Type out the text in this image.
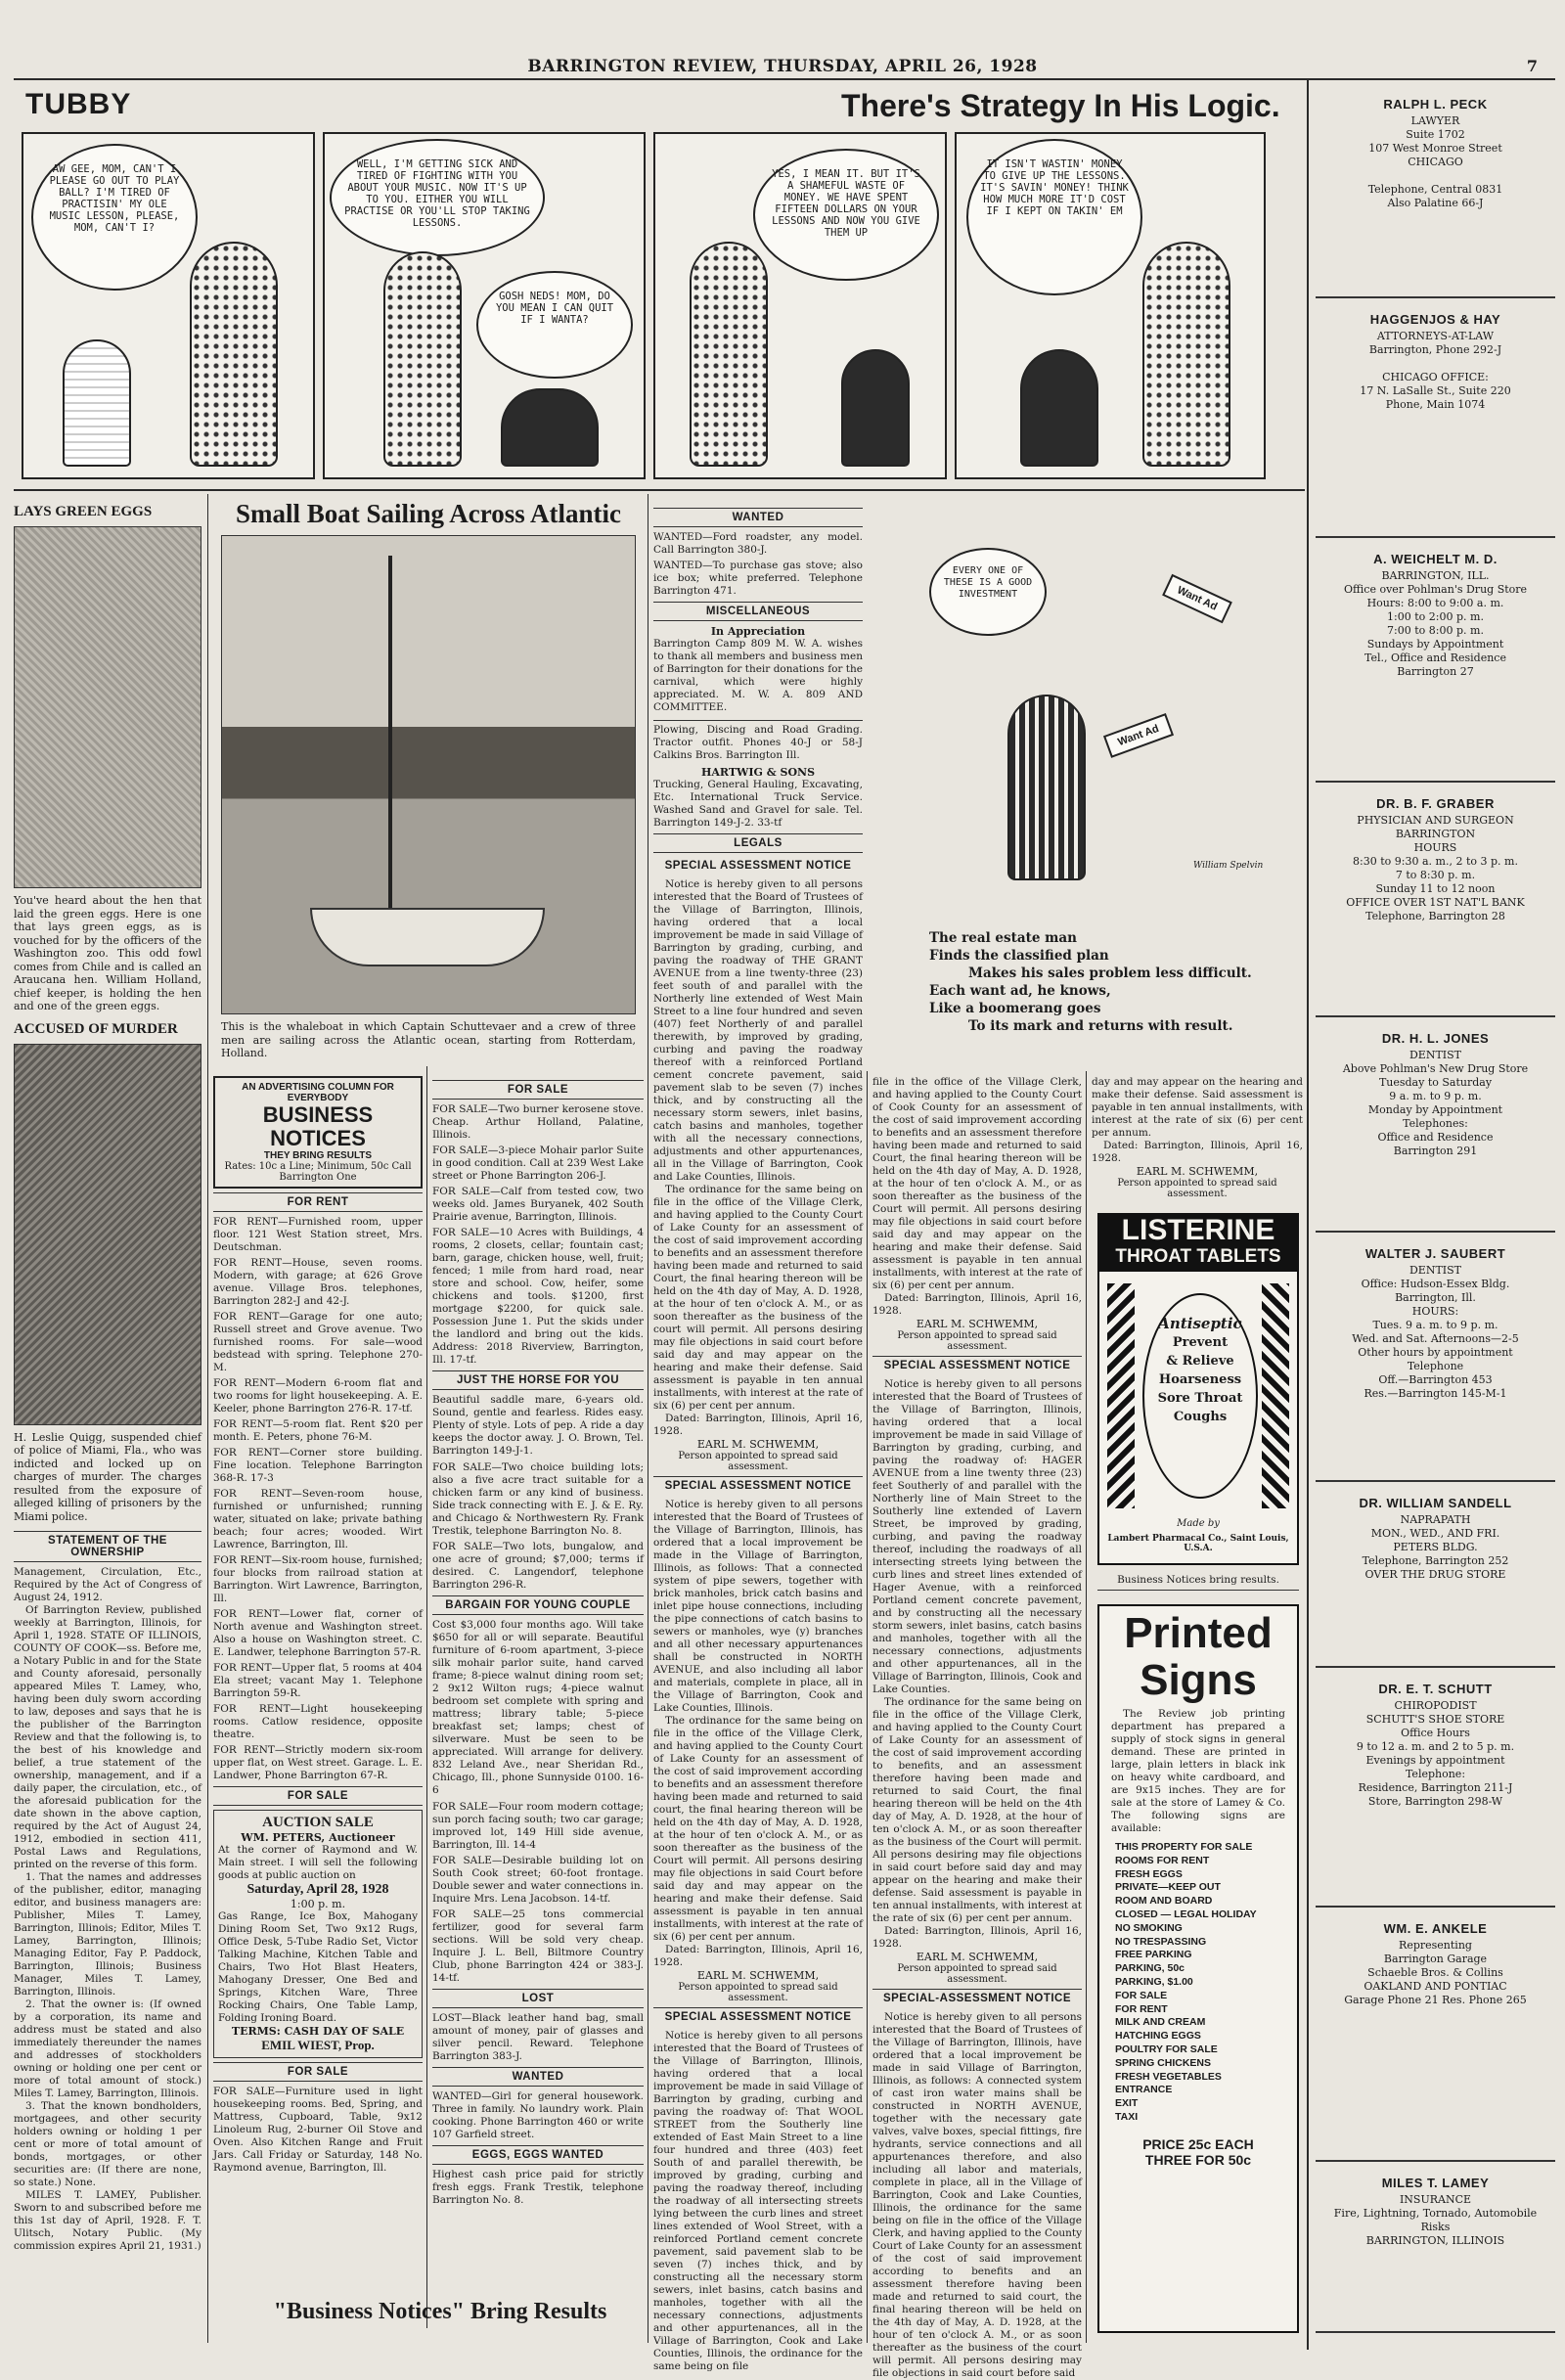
BARRINGTON REVIEW, THURSDAY, APRIL 26, 1928	7
TUBBY	There's Strategy In His Logic.
AW GEE, MOM, CAN'T I PLEASE GO OUT TO PLAY BALL? I'M TIRED OF PRACTISIN' MY OLE MUSIC LESSON, PLEASE, MOM, CAN'T I?
WELL, I'M GETTING SICK AND TIRED OF FIGHTING WITH YOU ABOUT YOUR MUSIC. NOW IT'S UP TO YOU. EITHER YOU WILL PRACTISE OR YOU'LL STOP TAKING LESSONS.
GOSH NEDS! MOM, DO YOU MEAN I CAN QUIT IF I WANTA?
YES, I MEAN IT. BUT IT'S A SHAMEFUL WASTE OF MONEY. WE HAVE SPENT FIFTEEN DOLLARS ON YOUR LESSONS AND NOW YOU GIVE THEM UP
IT ISN'T WASTIN' MONEY TO GIVE UP THE LESSONS. IT'S SAVIN' MONEY! THINK HOW MUCH MORE IT'D COST IF I KEPT ON TAKIN' EM
LAYS GREEN EGGS
You've heard about the hen that laid the green eggs. Here is one that lays green eggs, as is vouched for by the officers of the Washington zoo. This odd fowl comes from Chile and is called an Araucana hen. William Holland, chief keeper, is holding the hen and one of the green eggs.
ACCUSED OF MURDER
H. Leslie Quigg, suspended chief of police of Miami, Fla., who was indicted and locked up on charges of murder. The charges resulted from the exposure of alleged killing of prisoners by the Miami police.
STATEMENT OF THE OWNERSHIP
Management, Circulation, Etc., Required by the Act of Congress of August 24, 1912.
Of Barrington Review, published weekly at Barrington, Illinois, for April 1, 1928. STATE OF ILLINOIS, COUNTY OF COOK—ss. Before me, a Notary Public in and for the State and County aforesaid, personally appeared Miles T. Lamey, who, having been duly sworn according to law, deposes and says that he is the publisher of the Barrington Review and that the following is, to the best of his knowledge and belief, a true statement of the ownership, management, and if a daily paper, the circulation, etc., of the aforesaid publication for the date shown in the above caption, required by the Act of August 24, 1912, embodied in section 411, Postal Laws and Regulations, printed on the reverse of this form.
1. That the names and addresses of the publisher, editor, managing editor, and business managers are: Publisher, Miles T. Lamey, Barrington, Illinois; Editor, Miles T. Lamey, Barrington, Illinois; Managing Editor, Fay P. Paddock, Barrington, Illinois; Business Manager, Miles T. Lamey, Barrington, Illinois.
2. That the owner is: (If owned by a corporation, its name and address must be stated and also immediately thereunder the names and addresses of stockholders owning or holding one per cent or more of total amount of stock.) Miles T. Lamey, Barrington, Illinois.
3. That the known bondholders, mortgagees, and other security holders owning or holding 1 per cent or more of total amount of bonds, mortgages, or other securities are: (If there are none, so state.) None.
MILES T. LAMEY, Publisher. Sworn to and subscribed before me this 1st day of April, 1928. F. T. Ulitsch, Notary Public. (My commission expires April 21, 1931.)
Small Boat Sailing Across Atlantic
This is the whaleboat in which Captain Schuttevaer and a crew of three men are sailing across the Atlantic ocean, starting from Rotterdam, Holland.
AN ADVERTISING COLUMN FOR EVERYBODY
BUSINESS NOTICES
THEY BRING RESULTS
Rates: 10c a Line; Minimum, 50c Call Barrington One
FOR RENT

FOR RENT—Furnished room, upper floor. 121 West Station street, Mrs. Deutschman.

FOR RENT—House, seven rooms. Modern, with garage; at 626 Grove avenue. Village Bros. telephones, Barrington 282-J and 42-J.

FOR RENT—Garage for one auto; Russell street and Grove avenue. Two furnished rooms. For sale—wood bedstead with spring. Telephone 270-M.

FOR RENT—Modern 6-room flat and two rooms for light housekeeping. A. E. Keeler, phone Barrington 276-R. 17-tf.

FOR RENT—5-room flat. Rent $20 per month. E. Peters, phone 76-M.

FOR RENT—Corner store building. Fine location. Telephone Barrington 368-R. 17-3

FOR RENT—Seven-room house, furnished or unfurnished; running water, situated on lake; private bathing beach; four acres; wooded. Wirt Lawrence, Barrington, Ill.

FOR RENT—Six-room house, furnished; four blocks from railroad station at Barrington. Wirt Lawrence, Barrington, Ill.

FOR RENT—Lower flat, corner of North avenue and Washington street. Also a house on Washington street. C. E. Landwer, telephone Barrington 57-R.

FOR RENT—Upper flat, 5 rooms at 404 Ela street; vacant May 1. Telephone Barrington 59-R.

FOR RENT—Light housekeeping rooms. Catlow residence, opposite theatre.

FOR RENT—Strictly modern six-room upper flat, on West street. Garage. L. E. Landwer, Phone Barrington 67-R.

FOR SALE
AUCTION SALE
WM. PETERS, Auctioneer
At the corner of Raymond and W. Main street. I will sell the following goods at public auction on
Saturday, April 28, 1928
1:00 p. m.
Gas Range, Ice Box, Mahogany Dining Room Set, Two 9x12 Rugs, Office Desk, 5-Tube Radio Set, Victor Talking Machine, Kitchen Table and Chairs, Two Hot Blast Heaters, Mahogany Dresser, One Bed and Springs, Kitchen Ware, Three Rocking Chairs, One Table Lamp, Folding Ironing Board.
TERMS: CASH DAY OF SALE
EMIL WIEST, Prop.
FOR SALE
FOR SALE—Furniture used in light housekeeping rooms. Bed, Spring, and Mattress, Cupboard, Table, 9x12 Linoleum Rug, 2-burner Oil Stove and Oven. Also Kitchen Range and Fruit Jars. Call Friday or Saturday, 148 No. Raymond avenue, Barrington, Ill.
FOR SALE

FOR SALE—Two burner kerosene stove. Cheap. Arthur Holland, Palatine, Illinois.

FOR SALE—3-piece Mohair parlor Suite in good condition. Call at 239 West Lake street or Phone Barrington 206-J.

FOR SALE—Calf from tested cow, two weeks old. James Buryanek, 402 South Prairie avenue, Barrington, Illinois.

FOR SALE—10 Acres with Buildings, 4 rooms, 2 closets, cellar; fountain cast; barn, garage, chicken house, well, fruit; fenced; 1 mile from hard road, near store and school. Cow, heifer, some chickens and tools. $1200, first mortgage $2200, for quick sale. Possession June 1. Put the skids under the landlord and bring out the kids. Address: 2018 Riverview, Barrington, Ill. 17-tf.

JUST THE HORSE FOR YOU
Beautiful saddle mare, 6-years old. Sound, gentle and fearless. Rides easy. Plenty of style. Lots of pep. A ride a day keeps the doctor away. J. O. Brown, Tel. Barrington 149-J-1.

FOR SALE—Two choice building lots; also a five acre tract suitable for a chicken farm or any kind of business. Side track connecting with E. J. & E. Ry. and Chicago & Northwestern Ry. Frank Trestik, telephone Barrington No. 8.

FOR SALE—Two lots, bungalow, and one acre of ground; $7,000; terms if desired. C. Langendorf, telephone Barrington 296-R.

BARGAIN FOR YOUNG COUPLE
Cost $3,000 four months ago. Will take $650 for all or will separate. Beautiful furniture of 6-room apartment, 3-piece silk mohair parlor suite, hand carved frame; 8-piece walnut dining room set; 2 9x12 Wilton rugs; 4-piece walnut bedroom set complete with spring and mattress; library table; 5-piece breakfast set; lamps; chest of silverware. Must be seen to be appreciated. Will arrange for delivery. 832 Leland Ave., near Sheridan Rd., Chicago, Ill., phone Sunnyside 0100. 16-6

FOR SALE—Four room modern cottage; sun porch facing south; two car garage; improved lot, 149 Hill side avenue, Barrington, Ill. 14-4

FOR SALE—Desirable building lot on South Cook street; 60-foot frontage. Double sewer and water connections in. Inquire Mrs. Lena Jacobson. 14-tf.

FOR SALE—25 tons commercial fertilizer, good for several farm sections. Will be sold very cheap. Inquire J. L. Bell, Biltmore Country Club, phone Barrington 424 or 383-J. 14-tf.

LOST
LOST—Black leather hand bag, small amount of money, pair of glasses and silver pencil. Reward. Telephone Barrington 383-J.
WANTED
WANTED—Girl for general housework. Three in family. No laundry work. Plain cooking. Phone Barrington 460 or write 107 Garfield street.
EGGS, EGGS WANTED
Highest cash price paid for strictly fresh eggs. Frank Trestik, telephone Barrington No. 8.
"Business Notices" Bring Results
WANTED

WANTED—Ford roadster, any model. Call Barrington 380-J.

WANTED—To purchase gas stove; also ice box; white preferred. Telephone Barrington 471.

MISCELLANEOUS
In Appreciation
Barrington Camp 809 M. W. A. wishes to thank all members and business men of Barrington for their donations for the carnival, which were highly appreciated. M. W. A. 809 AND COMMITTEE.
Plowing, Discing and Road Grading. Tractor outfit. Phones 40-J or 58-J Calkins Bros. Barrington Ill.
HARTWIG & SONS
Trucking, General Hauling, Excavating, Etc. International Truck Service. Washed Sand and Gravel for sale. Tel. Barrington 149-J-2. 33-tf
LEGALS
SPECIAL ASSESSMENT NOTICE
Notice is hereby given to all persons interested that the Board of Trustees of the Village of Barrington, Illinois, having ordered that a local improvement be made in said Village of Barrington by grading, curbing, and paving the roadway of THE GRANT AVENUE from a line twenty-three (23) feet south of and parallel with the Northerly line extended of West Main Street to a line four hundred and seven (407) feet Northerly of and parallel therewith, by improved by grading, curbing and paving the roadway thereof with a reinforced Portland cement concrete pavement, said pavement slab to be seven (7) inches thick, and by constructing all the necessary storm sewers, inlet basins, catch basins and manholes, together with all the necessary connections, adjustments and other appurtenances, all in the Village of Barrington, Cook and Lake Counties, Illinois.
The ordinance for the same being on file in the office of the Village Clerk, and having applied to the County Court of Lake County for an assessment of the cost of said improvement according to benefits and an assessment therefore having been made and returned to said Court, the final hearing thereon will be held on the 4th day of May, A. D. 1928, at the hour of ten o'clock A. M., or as soon thereafter as the business of the court will permit. All persons desiring may file objections in said court before said day and may appear on the hearing and make their defense. Said assessment is payable in ten annual installments, with interest at the rate of six (6) per cent per annum.
Dated: Barrington, Illinois, April 16, 1928.
EARL M. SCHWEMM,
Person appointed to spread said assessment.
SPECIAL ASSESSMENT NOTICE
Notice is hereby given to all persons interested that the Board of Trustees of the Village of Barrington, Illinois, has ordered that a local improvement be made in the Village of Barrington, Illinois, as follows: That a connected system of pipe sewers, together with brick manholes, brick catch basins and inlet pipe house connections, including the pipe connections of catch basins to sewers or manholes, wye (y) branches and all other necessary appurtenances shall be constructed in NORTH AVENUE, and also including all labor and materials, complete in place, all in the Village of Barrington, Cook and Lake Counties, Illinois.
The ordinance for the same being on file in the office of the Village Clerk, and having applied to the County Court of Lake County for an assessment of the cost of said improvement according to benefits and an assessment therefore having been made and returned to said court, the final hearing thereon will be held on the 4th day of May, A. D. 1928, at the hour of ten o'clock A. M., or as soon thereafter as the business of the Court will permit. All persons desiring may file objections in said Court before said day and may appear on the hearing and make their defense. Said assessment is payable in ten annual installments, with interest at the rate of six (6) per cent per annum.
Dated: Barrington, Illinois, April 16, 1928.
EARL M. SCHWEMM,
Person appointed to spread said assessment.
SPECIAL ASSESSMENT NOTICE
Notice is hereby given to all persons interested that the Board of Trustees of the Village of Barrington, Illinois, having ordered that a local improvement be made in said Village of Barrington by grading, curbing and paving the roadway of: That WOOL STREET from the Southerly line extended of East Main Street to a line four hundred and three (403) feet South of and parallel therewith, be improved by grading, curbing and paving the roadway thereof, including the roadway of all intersecting streets lying between the curb lines and street lines extended of Wool Street, with a reinforced Portland cement concrete pavement, said pavement slab to be seven (7) inches thick, and by constructing all the necessary storm sewers, inlet basins, catch basins and manholes, together with all the necessary connections, adjustments and other appurtenances, all in the Village of Barrington, Cook and Lake Counties, Illinois, the ordinance for the same being on file
EVERY ONE OF THESE IS A GOOD INVESTMENT
Want Ad
Want Ad
William Spelvin
The real estate man
Finds the classified plan
Makes his sales problem less difficult.
Each want ad, he knows,
Like a boomerang goes
To its mark and returns with result.
file in the office of the Village Clerk, and having applied to the County Court of Cook County for an assessment of the cost of said improvement according to benefits and an assessment therefore having been made and returned to said Court, the final hearing thereon will be held on the 4th day of May, A. D. 1928, at the hour of ten o'clock A. M., or as soon thereafter as the business of the Court will permit. All persons desiring may file objections in said court before said day and may appear on the hearing and make their defense. Said assessment is payable in ten annual installments, with interest at the rate of six (6) per cent per annum.
Dated: Barrington, Illinois, April 16, 1928.
EARL M. SCHWEMM,
Person appointed to spread said assessment.
SPECIAL ASSESSMENT NOTICE
Notice is hereby given to all persons interested that the Board of Trustees of the Village of Barrington, Illinois, having ordered that a local improvement be made in said Village of Barrington by grading, curbing, and paving the roadway of: HAGER AVENUE from a line twenty three (23) feet Southerly of and parallel with the Northerly line of Main Street to the Southerly line extended of Lavern Street, be improved by grading, curbing, and paving the roadway thereof, including the roadways of all intersecting streets lying between the curb lines and street lines extended of Hager Avenue, with a reinforced Portland cement concrete pavement, and by constructing all the necessary storm sewers, inlet basins, catch basins and manholes, together with all the necessary connections, adjustments and other appurtenances, all in the Village of Barrington, Illinois, Cook and Lake Counties.
The ordinance for the same being on file in the office of the Village Clerk, and having applied to the County Court of Lake County for an assessment of the cost of said improvement according to benefits, and an assessment therefore having been made and returned to said Court, the final hearing thereon will be held on the 4th day of May, A. D. 1928, at the hour of ten o'clock A. M., or as soon thereafter as the business of the Court will permit. All persons desiring may file objections in said court before said day and may appear on the hearing and make their defense. Said assessment is payable in ten annual installments, with interest at the rate of six (6) per cent per annum.
Dated: Barrington, Illinois, April 16, 1928.
EARL M. SCHWEMM,
Person appointed to spread said assessment.
SPECIAL-ASSESSMENT NOTICE
Notice is hereby given to all persons interested that the Board of Trustees of the Village of Barrington, Illinois, have ordered that a local improvement be made in said Village of Barrington, Illinois, as follows: A connected system of cast iron water mains shall be constructed in NORTH AVENUE, together with the necessary gate valves, valve boxes, special fittings, fire hydrants, service connections and all appurtenances therefore, and also including all labor and materials, complete in place, all in the Village of Barrington, Cook and Lake Counties, Illinois, the ordinance for the same being on file in the office of the Village Clerk, and having applied to the County Court of Lake County for an assessment of the cost of said improvement according to benefits and an assessment therefore having been made and returned to said court, the final hearing thereon will be held on the 4th day of May, A. D. 1928, at the hour of ten o'clock A. M., or as soon thereafter as the business of the court will permit. All persons desiring may file objections in said court before said
day and may appear on the hearing and make their defense. Said assessment is payable in ten annual installments, with interest at the rate of six (6) per cent per annum.
Dated: Barrington, Illinois, April 16, 1928.
EARL M. SCHWEMM,
Person appointed to spread said assessment.
LISTERINE
THROAT TABLETS
Antiseptic
Prevent
& Relieve
Hoarseness
Sore Throat
Coughs
Made by
Lambert Pharmacal Co., Saint Louis, U.S.A.
Business Notices bring results.
Printed
Signs
The Review job printing department has prepared a supply of stock signs in general demand. These are printed in large, plain letters in black ink on heavy white cardboard, and are 9x15 inches. They are for sale at the store of Lamey & Co. The following signs are available:
THIS PROPERTY FOR SALE
ROOMS FOR RENT
FRESH EGGS
PRIVATE—KEEP OUT
ROOM AND BOARD
CLOSED — LEGAL HOLIDAY
NO SMOKING
NO TRESPASSING
FREE PARKING
PARKING, 50c
PARKING, $1.00
FOR SALE
FOR RENT
MILK AND CREAM
HATCHING EGGS
POULTRY FOR SALE
SPRING CHICKENS
FRESH VEGETABLES
ENTRANCE
EXIT
TAXI
PRICE 25c EACH
THREE FOR 50c
RALPH L. PECK
LAWYER
Suite 1702
107 West Monroe Street
CHICAGO

Telephone, Central 0831
Also Palatine 66-J
HAGGENJOS & HAY
ATTORNEYS-AT-LAW
Barrington, Phone 292-J

CHICAGO OFFICE:
17 N. LaSalle St., Suite 220
Phone, Main 1074
A. WEICHELT M. D.
BARRINGTON, ILL.
Office over Pohlman's Drug Store
Hours: 8:00 to 9:00 a. m.
1:00 to 2:00 p. m.
7:00 to 8:00 p. m.
Sundays by Appointment
Tel., Office and Residence
Barrington 27
DR. B. F. GRABER
PHYSICIAN AND SURGEON
BARRINGTON
HOURS
8:30 to 9:30 a. m., 2 to 3 p. m.
7 to 8:30 p. m.
Sunday 11 to 12 noon
OFFICE OVER 1ST NAT'L BANK
Telephone, Barrington 28
DR. H. L. JONES
DENTIST
Above Pohlman's New Drug Store
Tuesday to Saturday
9 a. m. to 9 p. m.
Monday by Appointment
Telephones:
Office and Residence
Barrington 291
WALTER J. SAUBERT
DENTIST
Office: Hudson-Essex Bldg.
Barrington, Ill.
HOURS:
Tues. 9 a. m. to 9 p. m.
Wed. and Sat. Afternoons—2-5
Other hours by appointment
Telephone
Off.—Barrington 453
Res.—Barrington 145-M-1
DR. WILLIAM SANDELL
NAPRAPATH
MON., WED., AND FRI.
PETERS BLDG.
Telephone, Barrington 252
OVER THE DRUG STORE
DR. E. T. SCHUTT
CHIROPODIST
SCHUTT'S SHOE STORE
Office Hours
9 to 12 a. m. and 2 to 5 p. m.
Evenings by appointment
Telephone:
Residence, Barrington 211-J
Store, Barrington 298-W
WM. E. ANKELE
Representing
Barrington Garage
Schaeble Bros. & Collins
OAKLAND AND PONTIAC
Garage Phone 21 Res. Phone 265
MILES T. LAMEY
INSURANCE
Fire, Lightning, Tornado, Automobile Risks
BARRINGTON, ILLINOIS
